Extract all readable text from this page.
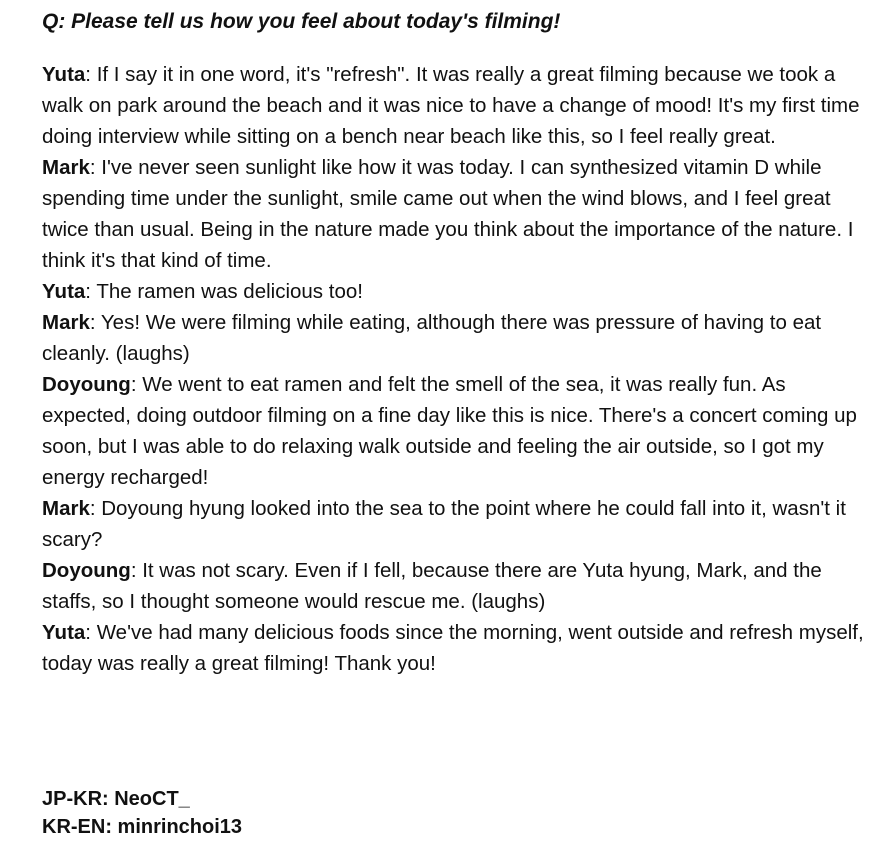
Q: Please tell us how you feel about today's filming!

Yuta: If I say it in one word, it's "refresh". It was really a great filming because we took a walk on park around the beach and it was nice to have a change of mood! It's my first time doing interview while sitting on a bench near beach like this, so I feel really great.

Mark: I've never seen sunlight like how it was today. I can synthesized vitamin D while spending time under the sunlight, smile came out when the wind blows, and I feel great twice than usual. Being in the nature made you think about the importance of the nature. I think it's that kind of time.

Yuta: The ramen was delicious too!

Mark: Yes! We were filming while eating, although there was pressure of having to eat cleanly. (laughs)

Doyoung: We went to eat ramen and felt the smell of the sea, it was really fun. As expected, doing outdoor filming on a fine day like this is nice. There's a concert coming up soon, but I was able to do relaxing walk outside and feeling the air outside, so I got my energy recharged!

Mark: Doyoung hyung looked into the sea to the point where he could fall into it, wasn't it scary?

Doyoung: It was not scary. Even if I fell, because there are Yuta hyung, Mark, and the staffs, so I thought someone would rescue me. (laughs)

Yuta: We've had many delicious foods since the morning, went outside and refresh myself, today was really a great filming! Thank you!

JP-KR: NeoCT_

KR-EN: minrinchoi13
